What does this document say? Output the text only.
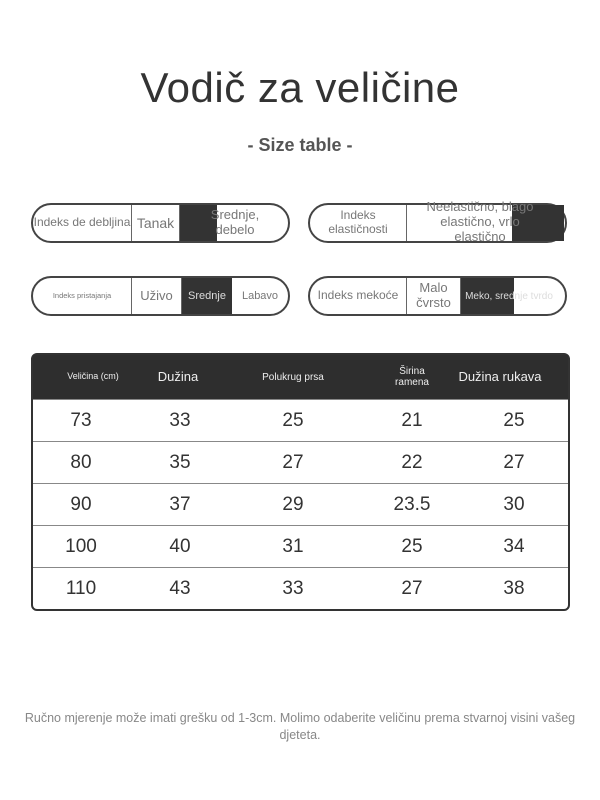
Vodič za veličine
- Size table -
Indeks de debljina Tanak
Srednje, debelo
Indeks elastičnosti
Neelastično, blago elastično, vrlo elastično
Indeks pristajanja Uživo Srednje Labavo	Indeks mekoće
Malo čvrsto	Meko, srednje tvrdo
Veličina (cm)	Dužina	Polukrug prsa	Širina ramena	Dužina rukava
73	33	25	21	25
80	35	27	22	27
90	37	29	23.5	30
100	40	31	25	34
110	43	33	27	38
Ručno mjerenje može imati grešku od 1-3cm. Molimo odaberite veličinu prema stvarnoj visini vašeg djeteta.
